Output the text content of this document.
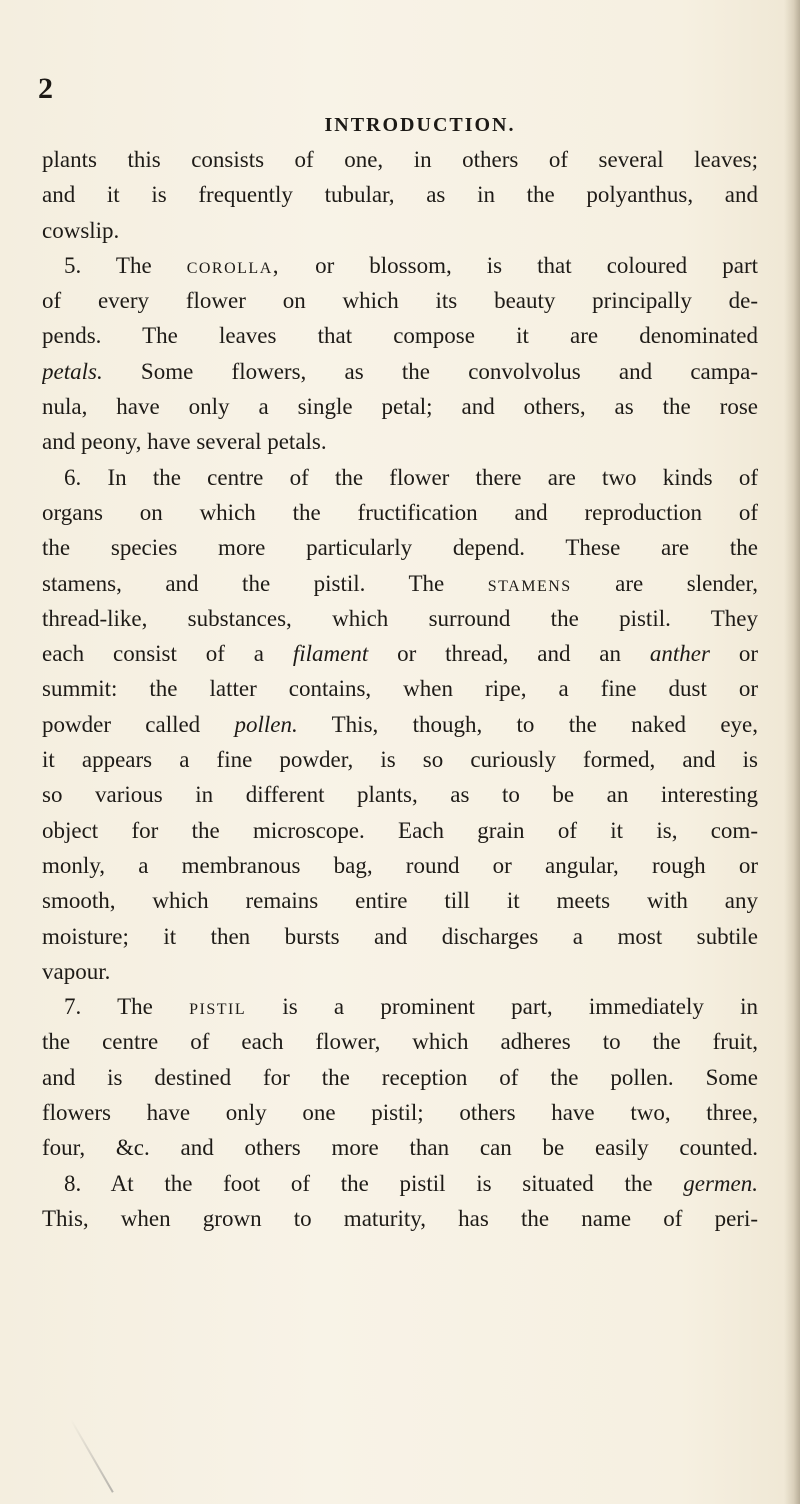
2
INTRODUCTION.
plants this consists of one, in others of several leaves;
and it is frequently tubular, as in the polyanthus, and
cowslip.
5. The corolla, or blossom, is that coloured part
of every flower on which its beauty principally de-
pends. The leaves that compose it are denominated
petals. Some flowers, as the convolvolus and campa-
nula, have only a single petal; and others, as the rose
and peony, have several petals.
6. In the centre of the flower there are two kinds of
organs on which the fructification and reproduction of
the species more particularly depend. These are the
stamens, and the pistil. The stamens are slender,
thread-like, substances, which surround the pistil. They
each consist of a filament or thread, and an anther or
summit: the latter contains, when ripe, a fine dust or
powder called pollen. This, though, to the naked eye,
it appears a fine powder, is so curiously formed, and is
so various in different plants, as to be an interesting
object for the microscope. Each grain of it is, com-
monly, a membranous bag, round or angular, rough or
smooth, which remains entire till it meets with any
moisture; it then bursts and discharges a most subtile
vapour.
7. The pistil is a prominent part, immediately in
the centre of each flower, which adheres to the fruit,
and is destined for the reception of the pollen. Some
flowers have only one pistil; others have two, three,
four, &c. and others more than can be easily counted.
8. At the foot of the pistil is situated the germen.
This, when grown to maturity, has the name of peri-
